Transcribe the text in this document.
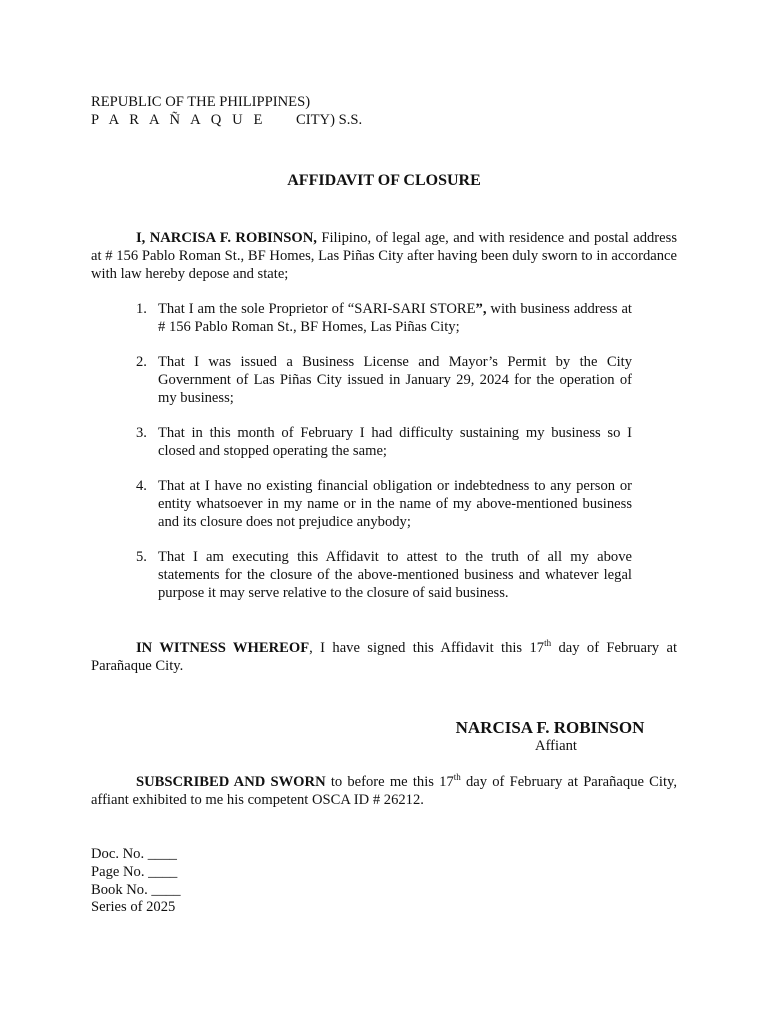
REPUBLIC OF THE PHILIPPINES)
P A R A Ñ A Q U E CITY) S.S.
AFFIDAVIT OF CLOSURE
I, NARCISA F. ROBINSON, Filipino, of legal age, and with residence and postal address at # 156 Pablo Roman St., BF Homes, Las Piñas City after having been duly sworn to in accordance with law hereby depose and state;
1. That I am the sole Proprietor of “SARI-SARI STORE”, with business address at # 156 Pablo Roman St., BF Homes, Las Piñas City;
2. That I was issued a Business License and Mayor’s Permit by the City Government of Las Piñas City issued in January 29, 2024 for the operation of my business;
3. That in this month of February I had difficulty sustaining my business so I closed and stopped operating the same;
4. That at I have no existing financial obligation or indebtedness to any person or entity whatsoever in my name or in the name of my above-mentioned business and its closure does not prejudice anybody;
5. That I am executing this Affidavit to attest to the truth of all my above statements for the closure of the above-mentioned business and whatever legal purpose it may serve relative to the closure of said business.
IN WITNESS WHEREOF, I have signed this Affidavit this 17th day of February at Parañaque City.
NARCISA F. ROBINSON
Affiant
SUBSCRIBED AND SWORN to before me this 17th day of February at Parañaque City, affiant exhibited to me his competent OSCA ID # 26212.
Doc. No. ____
Page No. ____
Book No. ____
Series of 2025
